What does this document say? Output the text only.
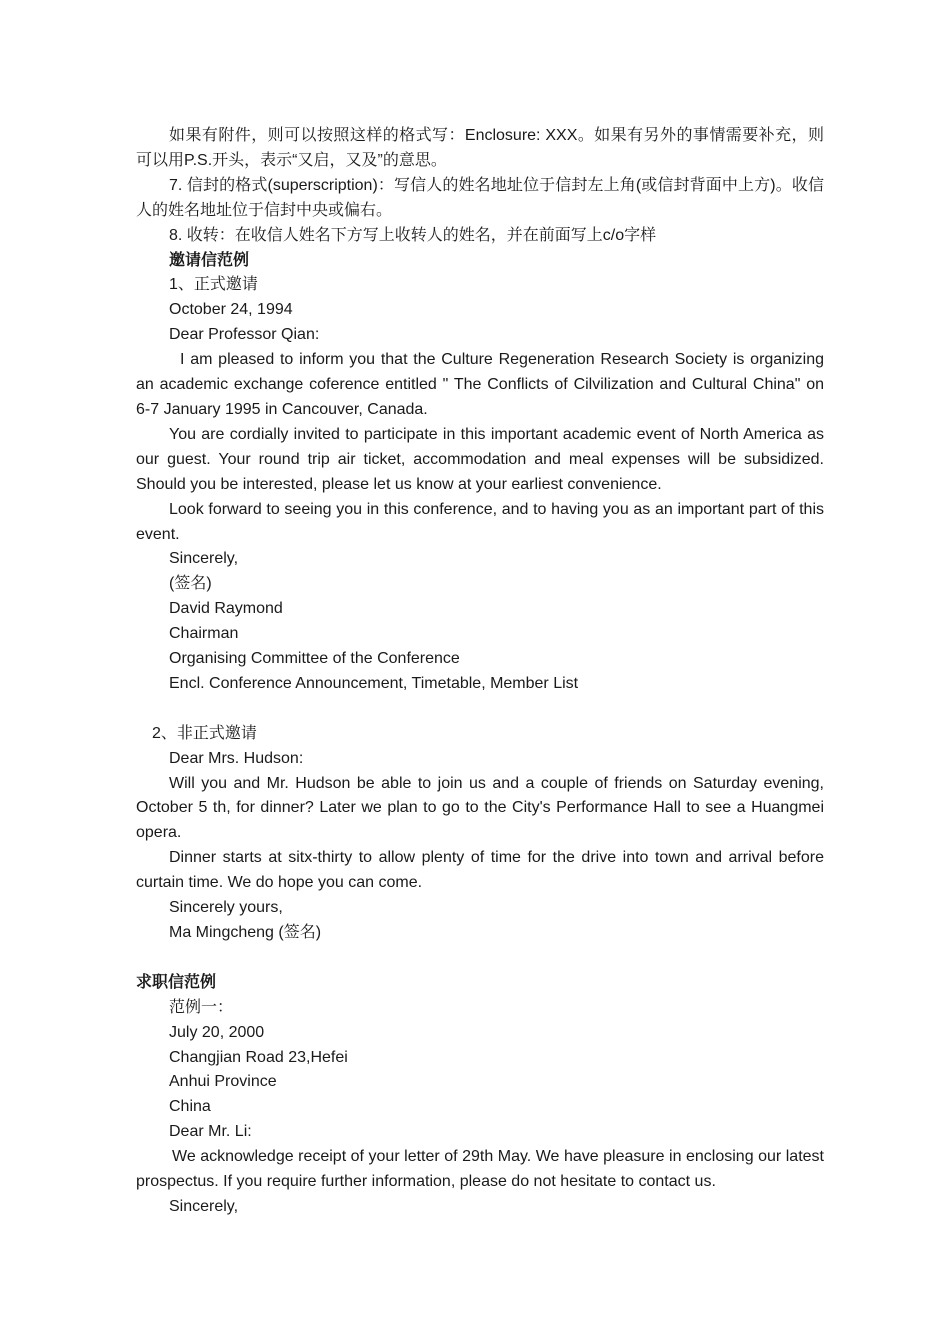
如果有附件，则可以按照这样的格式写：Enclosure: XXX。如果有另外的事情需要补充，则可以用P.S.开头，表示“又启，又及”的意思。

7. 信封的格式(superscription)：写信人的姓名地址位于信封左上角(或信封背面中上方)。收信人的姓名地址位于信封中央或偏右。

8. 收转：在收信人姓名下方写上收转人的姓名，并在前面写上c/o字样

邀请信范例

1、正式邀请

October 24, 1994

Dear Professor Qian:

I am pleased to inform you that the Culture Regeneration Research Society is organizing an academic exchange coference entitled " The Conflicts of Cilvilization and Cultural China" on 6-7 January 1995 in Cancouver, Canada.

You are cordially invited to participate in this important academic event of North America as our guest. Your round trip air ticket, accommodation and meal expenses will be subsidized. Should you be interested, please let us know at your earliest convenience.

Look forward to seeing you in this conference, and to having you as an important part of this event.

Sincerely,

(签名)

David Raymond

Chairman

Organising Committee of the Conference

Encl. Conference Announcement, Timetable, Member List

2、非正式邀请

Dear Mrs. Hudson:

Will you and Mr. Hudson be able to join us and a couple of friends on Saturday evening, October 5 th, for dinner? Later we plan to go to the City's Performance Hall to see a Huangmei opera.

Dinner starts at sitx-thirty to allow plenty of time for the drive into town and arrival before curtain time. We do hope you can come.

Sincerely yours,

Ma Mingcheng (签名)

求职信范例

范例一：

July 20, 2000

Changjian Road 23,Hefei

Anhui Province

China

Dear Mr. Li:

We acknowledge receipt of your letter of 29th May. We have pleasure in enclosing our latest prospectus. If you require further information, please do not hesitate to contact us.

Sincerely,
